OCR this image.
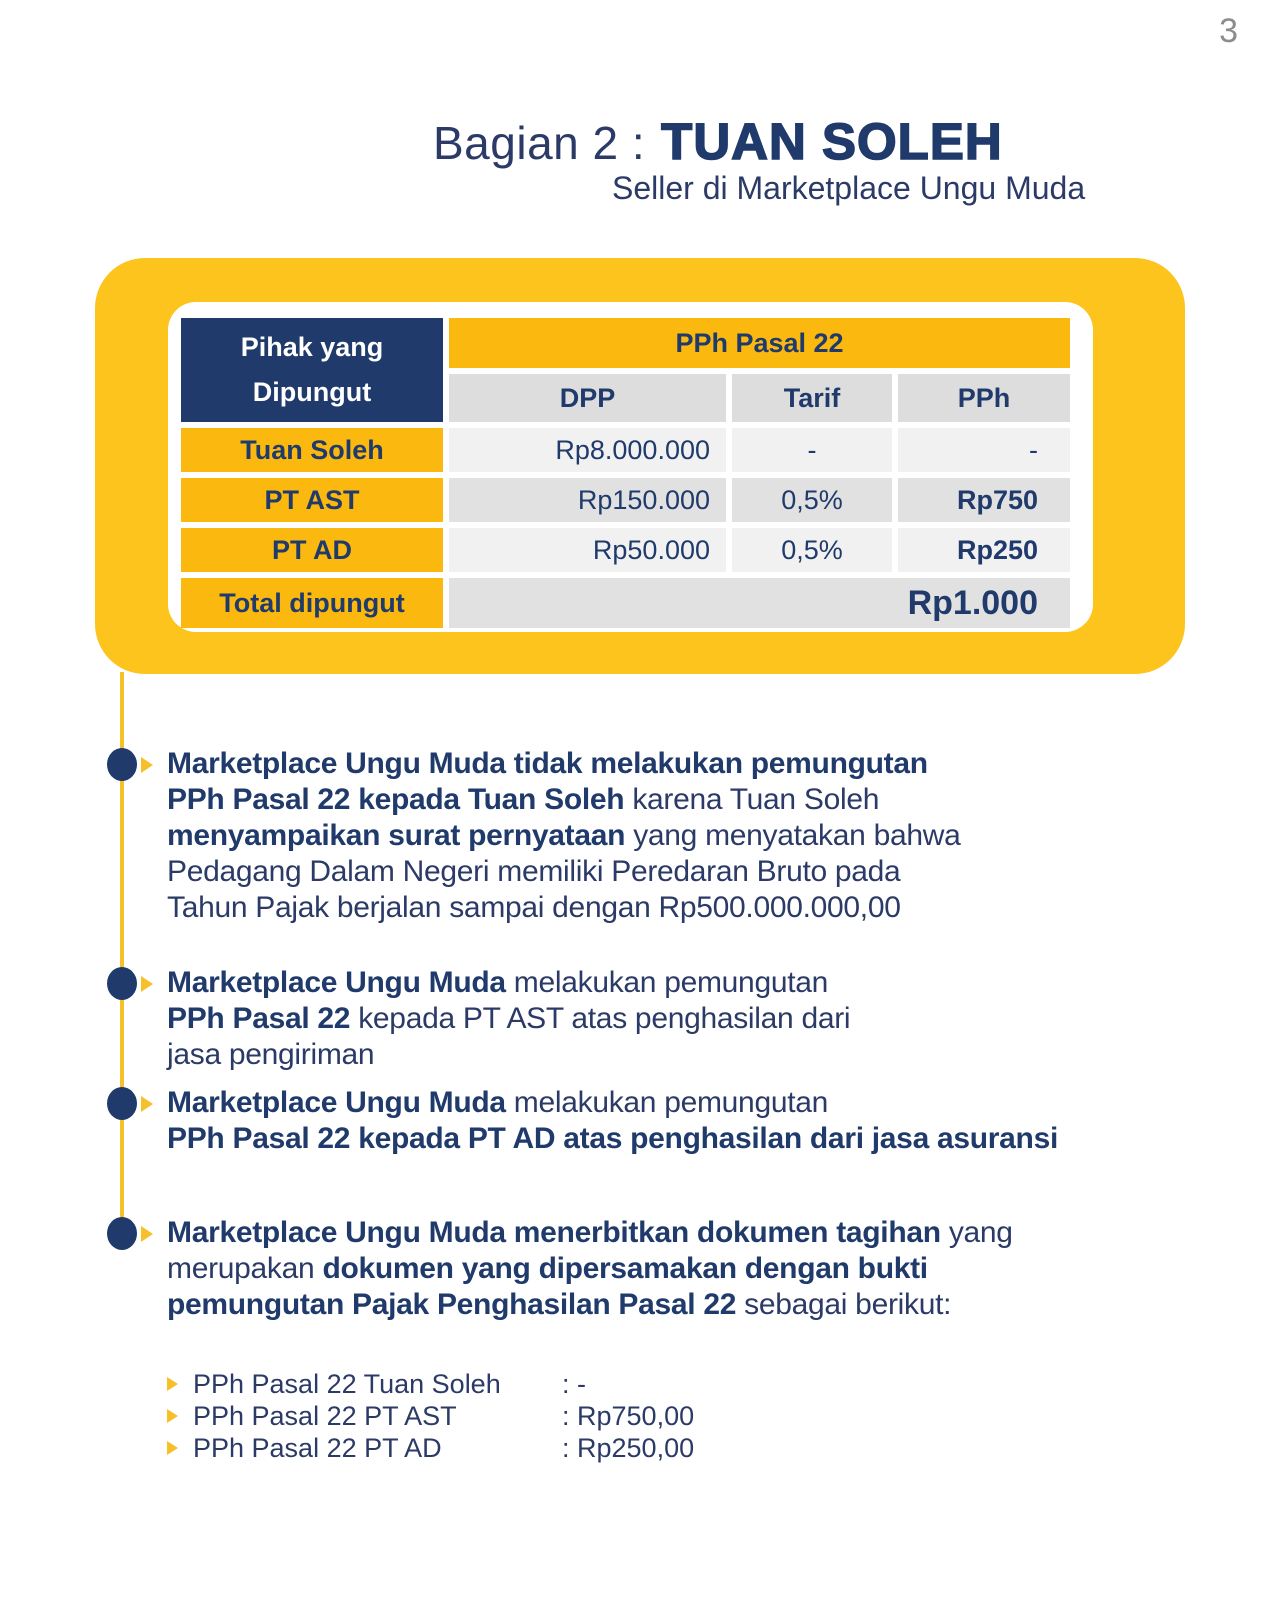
3
Bagian 2 : TUAN SOLEH
Seller di Marketplace Ungu Muda
Pihak yang
Dipungut
PPh Pasal 22
DPP	Tarif	PPh
Tuan Soleh	Rp8.000.000	-	-
PT AST	Rp150.000	0,5%	Rp750
PT AD	Rp50.000	0,5%	Rp250
Total dipungut	Rp1.000
Marketplace Ungu Muda tidak melakukan pemungutan
PPh Pasal 22 kepada Tuan Soleh karena Tuan Soleh
menyampaikan surat pernyataan yang menyatakan bahwa
Pedagang Dalam Negeri memiliki Peredaran Bruto pada
Tahun Pajak berjalan sampai dengan Rp500.000.000,00
Marketplace Ungu Muda melakukan pemungutan
PPh Pasal 22 kepada PT AST atas penghasilan dari
jasa pengiriman
Marketplace Ungu Muda melakukan pemungutan
PPh Pasal 22 kepada PT AD atas penghasilan dari jasa asuransi
Marketplace Ungu Muda menerbitkan dokumen tagihan yang
merupakan dokumen yang dipersamakan dengan bukti
pemungutan Pajak Penghasilan Pasal 22 sebagai berikut:
PPh Pasal 22 Tuan Soleh	: -
PPh Pasal 22 PT AST	: Rp750,00
PPh Pasal 22 PT AD	: Rp250,00
